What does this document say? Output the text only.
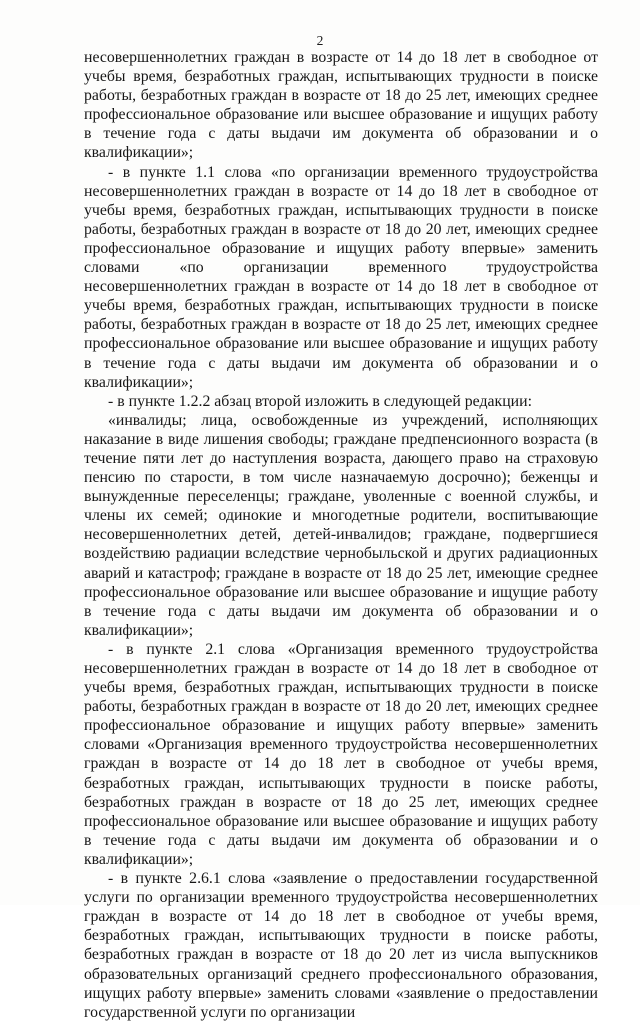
2

несовершеннолетних граждан в возрасте от 14 до 18 лет в свободное от учебы время, безработных граждан, испытывающих трудности в поиске работы, безработных граждан в возрасте от 18 до 25 лет, имеющих среднее профессиональное образование или высшее образование и ищущих работу в течение года с даты выдачи им документа об образовании и о квалификации»;

- в пункте 1.1 слова «по организации временного трудоустройства несовершеннолетних граждан в возрасте от 14 до 18 лет в свободное от учебы время, безработных граждан, испытывающих трудности в поиске работы, безработных граждан в возрасте от 18 до 20 лет, имеющих среднее профессиональное образование и ищущих работу впервые» заменить словами «по организации временного трудоустройства несовершеннолетних граждан в возрасте от 14 до 18 лет в свободное от учебы время, безработных граждан, испытывающих трудности в поиске работы, безработных граждан в возрасте от 18 до 25 лет, имеющих среднее профессиональное образование или высшее образование и ищущих работу в течение года с даты выдачи им документа об образовании и о квалификации»;

- в пункте 1.2.2 абзац второй изложить в следующей редакции:

«инвалиды; лица, освобожденные из учреждений, исполняющих наказание в виде лишения свободы; граждане предпенсионного возраста (в течение пяти лет до наступления возраста, дающего право на страховую пенсию по старости, в том числе назначаемую досрочно); беженцы и вынужденные переселенцы; граждане, уволенные с военной службы, и члены их семей; одинокие и многодетные родители, воспитывающие несовершеннолетних детей, детей-инвалидов; граждане, подвергшиеся воздействию радиации вследствие чернобыльской и других радиационных аварий и катастроф; граждане в возрасте от 18 до 25 лет, имеющие среднее профессиональное образование или высшее образование и ищущие работу в течение года с даты выдачи им документа об образовании и о квалификации»;

- в пункте 2.1 слова «Организация временного трудоустройства несовершеннолетних граждан в возрасте от 14 до 18 лет в свободное от учебы время, безработных граждан, испытывающих трудности в поиске работы, безработных граждан в возрасте от 18 до 20 лет, имеющих среднее профессиональное образование и ищущих работу впервые» заменить словами «Организация временного трудоустройства несовершеннолетних граждан в возрасте от 14 до 18 лет в свободное от учебы время, безработных граждан, испытывающих трудности в поиске работы, безработных граждан в возрасте от 18 до 25 лет, имеющих среднее профессиональное образование или высшее образование и ищущих работу в течение года с даты выдачи им документа об образовании и о квалификации»;

- в пункте 2.6.1 слова «заявление о предоставлении государственной услуги по организации временного трудоустройства несовершеннолетних граждан в возрасте от 14 до 18 лет в свободное от учебы время, безработных граждан, испытывающих трудности в поиске работы, безработных граждан в возрасте от 18 до 20 лет из числа выпускников образовательных организаций среднего профессионального образования, ищущих работу впервые» заменить словами «заявление о предоставлении государственной услуги по организации
